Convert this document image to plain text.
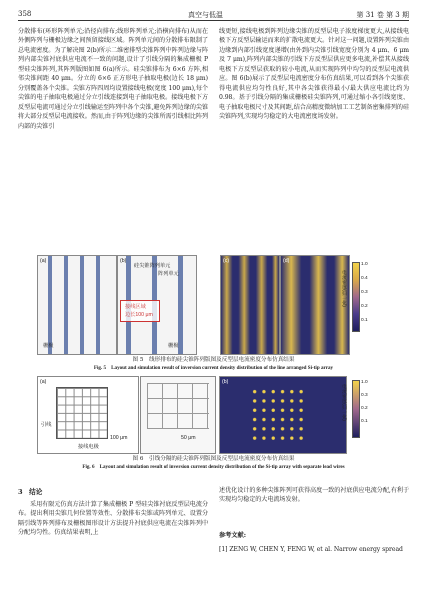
358	真空与低温	第 31 卷 第 3 期

分散排布(环形阵列单元;沿径向排布;线形阵列单元;沿横向排布)从而在外侧阵列与栅极边缘之间预留接线区域。阵列单元间的分散排布限制了总电流密度。为了解决图 2(b)所示二维密排型尖锥阵列中阵列边缘与阵列内部尖锥衬底供应电流不一致的问题,设计了引线分隔的集成栅极 P 型硅尖锥阵列,其阵列版图如图 6(a)所示。硅尖锥排布为 6×6 方阵,相邻尖锥间距 40 μm。分立的 6×6 正方形电子抽取电极(边长 18 μm)分别覆盖各个尖锥。尖锥方阵四周均设置接线电极(宽度 100 μm),每个尖锥的电子抽取电极通过分立引线连接到电子抽取电极。接线电极下方反型层电流可通过分立引线输运至阵列中各个尖锥,避免阵列边缘的尖锥将大部分反型层电流接收。然而,由于阵列边缘的尖锥所需引线相比阵列内部的尖锥引

线更短,接线电极到阵列边缘尖锥的反型层电子浓度梯度更大,从接线电极下方反型层输运而来的扩散电流更大。针对这一问题,设置阵列尖锥由边缘到内部引线宽度递增(由外到内尖锥引线宽度分别为 4 μm、6 μm 及 7 μm),阵列内部尖锥的引线下方反型层供应更多电流,补偿其从接线电极下方反型层获取的较小电流,从而实现阵列中均匀的反型层电流供应。图 6(b)展示了反型层电流密度分布仿真结果,可以看到各个尖锥获得电流供应均匀性良好,其中各尖锥获得最小/最大供应电流比约为 0.98。基于引线分隔的集成栅极硅尖锥阵列,可通过缩小各引线宽度、电子抽取电极尺寸及其间距,结合高精度微纳加工工艺制备密集排列的硅尖锥阵列,实现均匀稳定的大电流密度场发射。

(a)
栅极
(b)
硅尖锥阵列单元
阵列单元
接线区域
边长100 μm
栅极
(c)	(d)
电流密度(归一化)
1.0
0.4
0.3
0.2
0.1
图 5　线形排布的硅尖锥阵列版图及反型层电流密度分布仿真结果
Fig. 5　Layout and simulation result of inversion current density distribution of the line arranged Si-tip array
(a)
引线
接线电极
100 μm	50 μm
(b)
电流密度(归一化)
1.0
0.3
0.2
0.1
图 6　引线分隔的硅尖锥阵列版图及反型层电流密度分布仿真结果
Fig. 6　Layout and simulation result of inversion current density distribution of the Si-tip array with separate lead wires
3　结论

采用有限元仿真方法计算了集成栅极 P 型硅尖锥衬底反型层电流分布。提出利用尖锥几何位置等效性、分散排布尖锥或阵列单元、设置分隔引线等阵列排布及栅极图形设计方法提升衬底供应电流在尖锥阵列中分配均匀性。仿真结果表明,上

述优化设计的多种尖锥阵列可获得高度一致的衬底供应电流分配,有利于实现均匀稳定的大电流场发射。

参考文献:

[1] ZENG W, CHEN Y, FENG W, et al. Narrow energy spread
